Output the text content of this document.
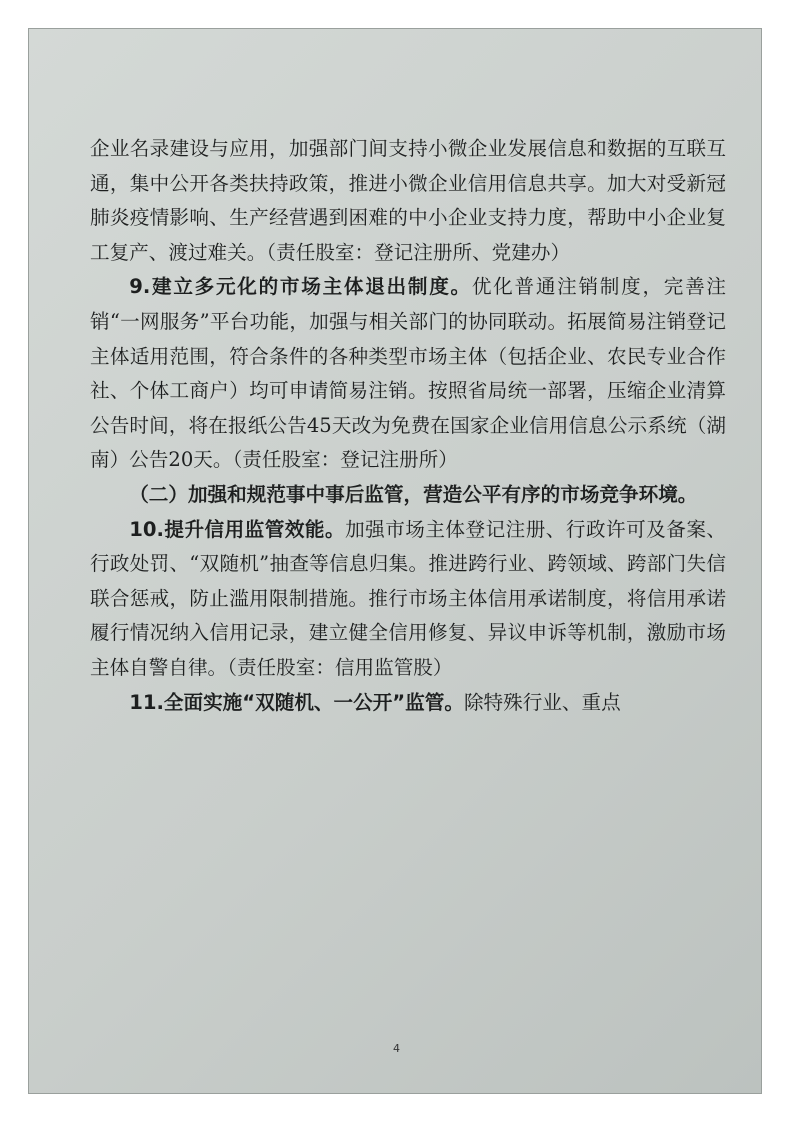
企业名录建设与应用，加强部门间支持小微企业发展信息和数据的互联互通，集中公开各类扶持政策，推进小微企业信用信息共享。加大对受新冠肺炎疫情影响、生产经营遇到困难的中小企业支持力度，帮助中小企业复工复产、渡过难关。（责任股室：登记注册所、党建办）

9.建立多元化的市场主体退出制度。优化普通注销制度，完善注销“一网服务”平台功能，加强与相关部门的协同联动。拓展简易注销登记主体适用范围，符合条件的各种类型市场主体（包括企业、农民专业合作社、个体工商户）均可申请简易注销。按照省局统一部署，压缩企业清算公告时间，将在报纸公告45天改为免费在国家企业信用信息公示系统（湖南）公告20天。（责任股室：登记注册所）

（二）加强和规范事中事后监管，营造公平有序的市场竞争环境。

10.提升信用监管效能。加强市场主体登记注册、行政许可及备案、行政处罚、“双随机”抽查等信息归集。推进跨行业、跨领域、跨部门失信联合惩戒，防止滥用限制措施。推行市场主体信用承诺制度，将信用承诺履行情况纳入信用记录，建立健全信用修复、异议申诉等机制，激励市场主体自警自律。（责任股室：信用监管股）

11.全面实施“双随机、一公开”监管。除特殊行业、重点

4
